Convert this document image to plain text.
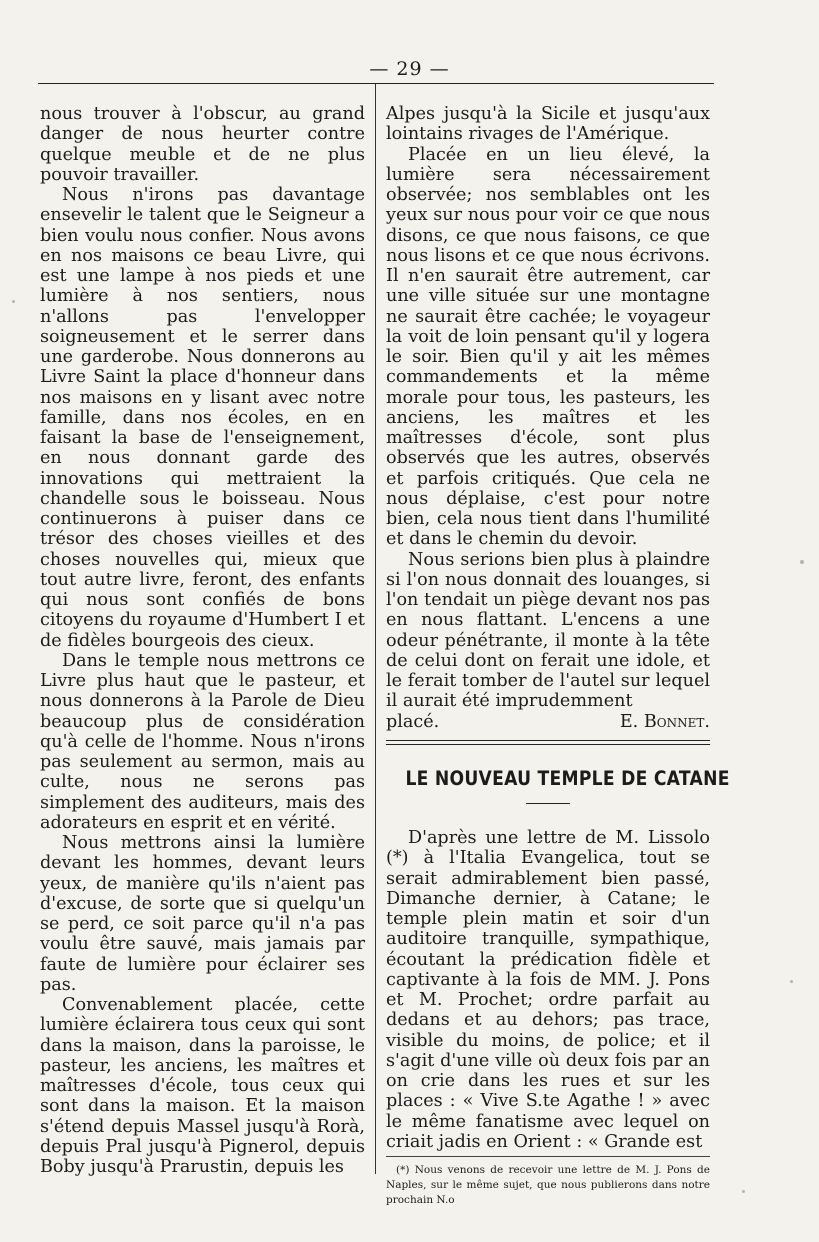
— 29 —

nous trouver à l'obscur, au grand danger de nous heurter contre quelque meuble et de ne plus pouvoir travailler.

Nous n'irons pas davantage ensevelir le talent que le Seigneur a bien voulu nous confier. Nous avons en nos maisons ce beau Livre, qui est une lampe à nos pieds et une lumière à nos sentiers, nous n'allons pas l'envelopper soigneusement et le serrer dans une garderobe. Nous donnerons au Livre Saint la place d'honneur dans nos maisons en y lisant avec notre famille, dans nos écoles, en en faisant la base de l'enseignement, en nous donnant garde des innovations qui mettraient la chandelle sous le boisseau. Nous continuerons à puiser dans ce trésor des choses vieilles et des choses nouvelles qui, mieux que tout autre livre, feront, des enfants qui nous sont confiés de bons citoyens du royaume d'Humbert I et de fidèles bourgeois des cieux.

Dans le temple nous mettrons ce Livre plus haut que le pasteur, et nous donnerons à la Parole de Dieu beaucoup plus de considération qu'à celle de l'homme. Nous n'irons pas seulement au sermon, mais au culte, nous ne serons pas simplement des auditeurs, mais des adorateurs en esprit et en vérité.

Nous mettrons ainsi la lumière devant les hommes, devant leurs yeux, de manière qu'ils n'aient pas d'excuse, de sorte que si quelqu'un se perd, ce soit parce qu'il n'a pas voulu être sauvé, mais jamais par faute de lumière pour éclairer ses pas.

Convenablement placée, cette lumière éclairera tous ceux qui sont dans la maison, dans la paroisse, le pasteur, les anciens, les maîtres et maîtresses d'école, tous ceux qui sont dans la maison. Et la maison s'étend depuis Massel jusqu'à Rorà, depuis Pral jusqu'à Pignerol, depuis Boby jusqu'à Prarustin, depuis les

Alpes jusqu'à la Sicile et jusqu'aux lointains rivages de l'Amérique.

Placée en un lieu élevé, la lumière sera nécessairement observée; nos semblables ont les yeux sur nous pour voir ce que nous disons, ce que nous faisons, ce que nous lisons et ce que nous écrivons. Il n'en saurait être autrement, car une ville située sur une montagne ne saurait être cachée; le voyageur la voit de loin pensant qu'il y logera le soir. Bien qu'il y ait les mêmes commandements et la même morale pour tous, les pasteurs, les anciens, les maîtres et les maîtresses d'école, sont plus observés que les autres, observés et parfois critiqués. Que cela ne nous déplaise, c'est pour notre bien, cela nous tient dans l'humilité et dans le chemin du devoir.

Nous serions bien plus à plaindre si l'on nous donnait des louanges, si l'on tendait un piège devant nos pas en nous flattant. L'encens a une odeur pénétrante, il monte à la tête de celui dont on ferait une idole, et le ferait tomber de l'autel sur lequel il aurait été imprudemment

placé.	E. Bonnet.
LE NOUVEAU TEMPLE DE CATANE

D'après une lettre de M. Lissolo (*) à l'Italia Evangelica, tout se serait admirablement bien passé, Dimanche dernier, à Catane; le temple plein matin et soir d'un auditoire tranquille, sympathique, écoutant la prédication fidèle et captivante à la fois de MM. J. Pons et M. Prochet; ordre parfait au dedans et au dehors; pas trace, visible du moins, de police; et il s'agit d'une ville où deux fois par an on crie dans les rues et sur les places : « Vive S.te Agathe ! » avec le même fanatisme avec lequel on criait jadis en Orient : « Grande est

(*) Nous venons de recevoir une lettre de M. J. Pons de Naples, sur le même sujet, que nous publierons dans notre prochain N.o
